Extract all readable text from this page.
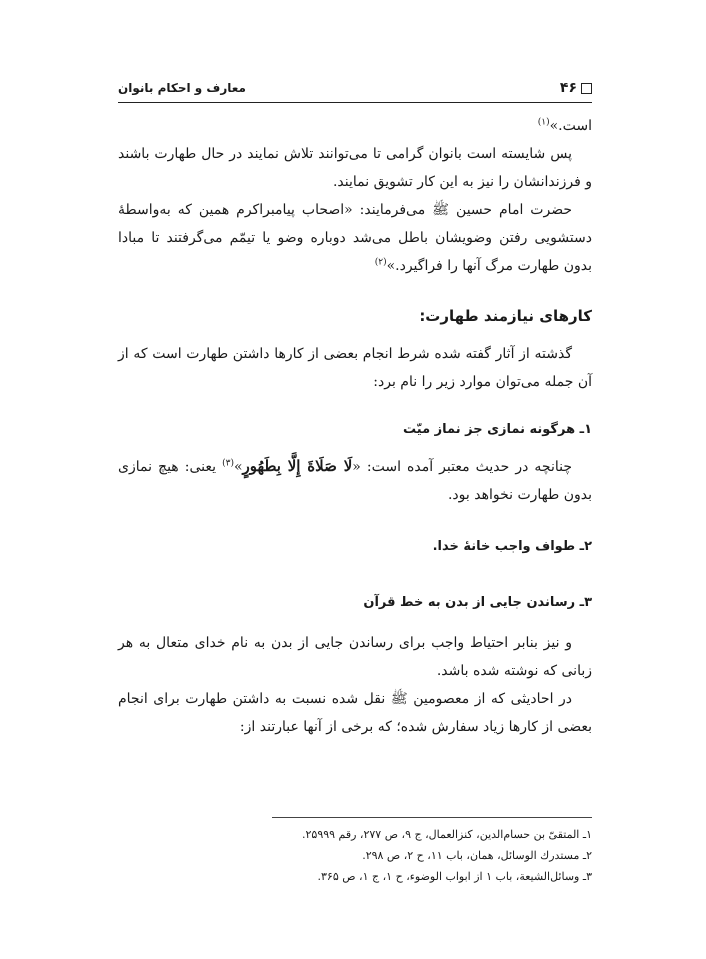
۴۶
معارف و احکام بانوان

است.»$^{(۱)}$

پس شایسته است بانوان گرامی تا می‌توانند تلاش نمایند در حال طهارت باشند و فرزندانشان را نیز به این کار تشویق نمایند.

حضرت امام حسین ﷺ می‌فرمایند: «اصحاب پیامبراکرم همین که به‌واسطهٔ دستشویی رفتن وضویشان باطل می‌شد دوباره وضو یا تیمّم می‌گرفتند تا مبادا بدون طهارت مرگ آنها را فراگیرد.»$^{(۲)}$

کارهای نیازمند طهارت:

گذشته از آثار گفته شده شرط انجام بعضی از کارها داشتن طهارت است که از آن جمله می‌توان موارد زیر را نام برد:

۱ـ هرگونه نمازی جز نماز میّت

چنانچه در حدیث معتبر آمده است: «لَا صَلَاةَ إِلَّا بِطَهُورٍ»$^{(۳)}$ یعنی: هیچ نمازی بدون طهارت نخواهد بود.

۲ـ طواف واجب خانهٔ خدا.

۳ـ رساندن جایی از بدن به خط قرآن

و نیز بنابر احتیاط واجب برای رساندن جایی از بدن به نام خدای متعال به هر زبانی که نوشته شده باشد.

در احادیثی که از معصومین ﷺ نقل شده نسبت به داشتن طهارت برای انجام بعضی از کارها زیاد سفارش شده؛ که برخی از آنها عبارتند از:

۱ـ المتقیّ بن حسام‌الدین، کنزالعمال، ج ۹، ص ۲۷۷، رقم ۲۵۹۹۹.

۲ـ مستدرك الوسائل، همان، باب ۱۱، ح ۲، ص ۲۹۸.

۳ـ وسائل‌الشیعة، باب ۱ از ابواب الوضوء، ح ۱، ج ۱، ص ۳۶۵.
